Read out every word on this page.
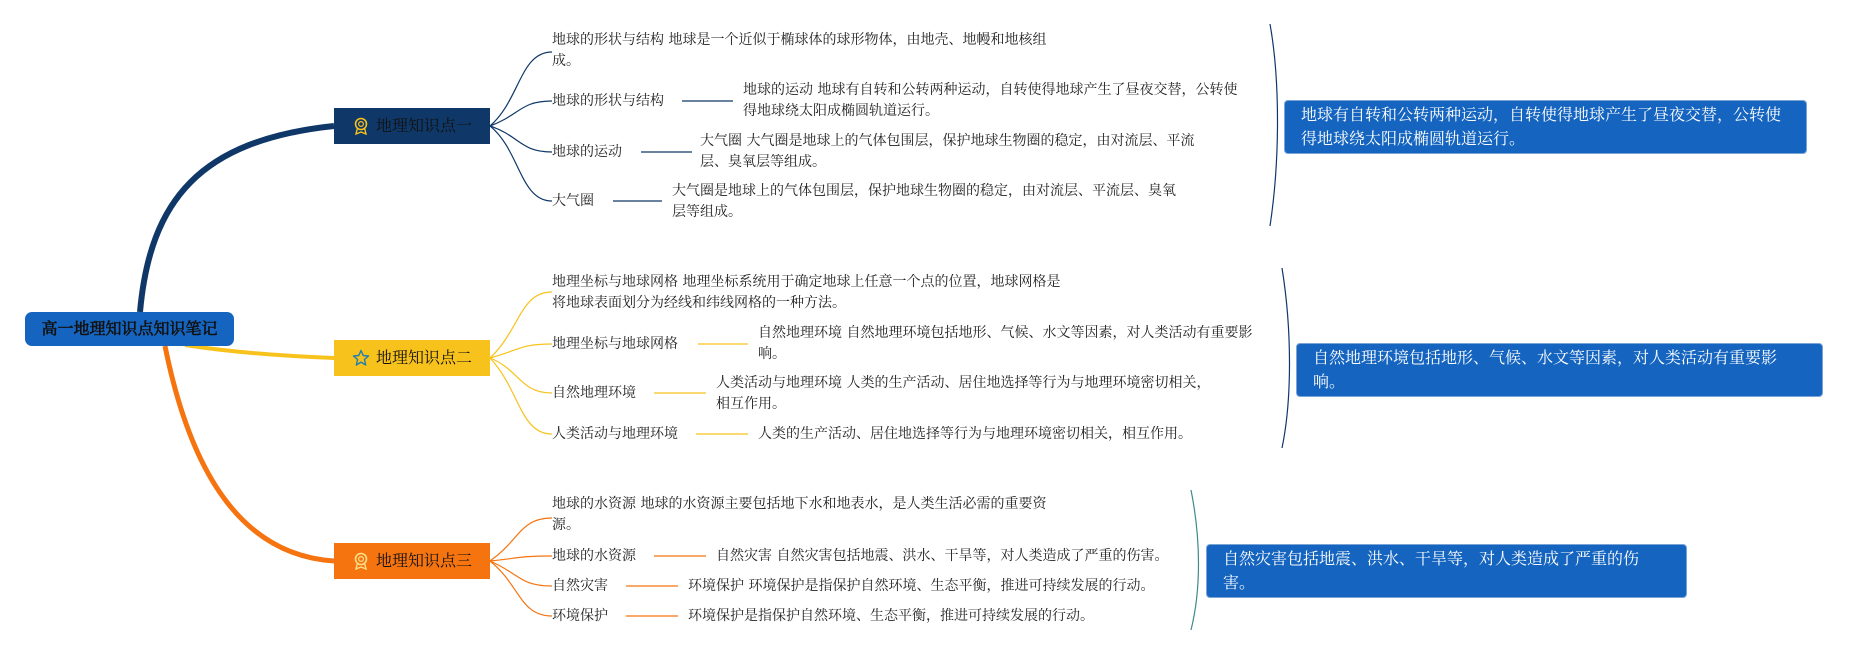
高一地理知识点知识笔记
地理知识点一
地球的形状与结构 地球是一个近似于椭球体的球形物体，由地壳、地幔和地核组成。
地球的形状与结构
地球的运动 地球有自转和公转两种运动，自转使得地球产生了昼夜交替，公转使得地球绕太阳成椭圆轨道运行。
地球的运动
大气圈 大气圈是地球上的气体包围层，保护地球生物圈的稳定，由对流层、平流层、臭氧层等组成。
大气圈
大气圈是地球上的气体包围层，保护地球生物圈的稳定，由对流层、平流层、臭氧层等组成。
地球有自转和公转两种运动，自转使得地球产生了昼夜交替，公转使得地球绕太阳成椭圆轨道运行。
地理知识点二
地理坐标与地球网格 地理坐标系统用于确定地球上任意一个点的位置，地球网格是将地球表面划分为经线和纬线网格的一种方法。
地理坐标与地球网格
自然地理环境 自然地理环境包括地形、气候、水文等因素，对人类活动有重要影响。
自然地理环境
人类活动与地理环境 人类的生产活动、居住地选择等行为与地理环境密切相关，相互作用。
人类活动与地理环境	人类的生产活动、居住地选择等行为与地理环境密切相关，相互作用。
自然地理环境包括地形、气候、水文等因素，对人类活动有重要影响。
地理知识点三
地球的水资源 地球的水资源主要包括地下水和地表水，是人类生活必需的重要资源。
地球的水资源	自然灾害 自然灾害包括地震、洪水、干旱等，对人类造成了严重的伤害。
自然灾害	环境保护 环境保护是指保护自然环境、生态平衡，推进可持续发展的行动。
环境保护	环境保护是指保护自然环境、生态平衡，推进可持续发展的行动。
自然灾害包括地震、洪水、干旱等，对人类造成了严重的伤害。
